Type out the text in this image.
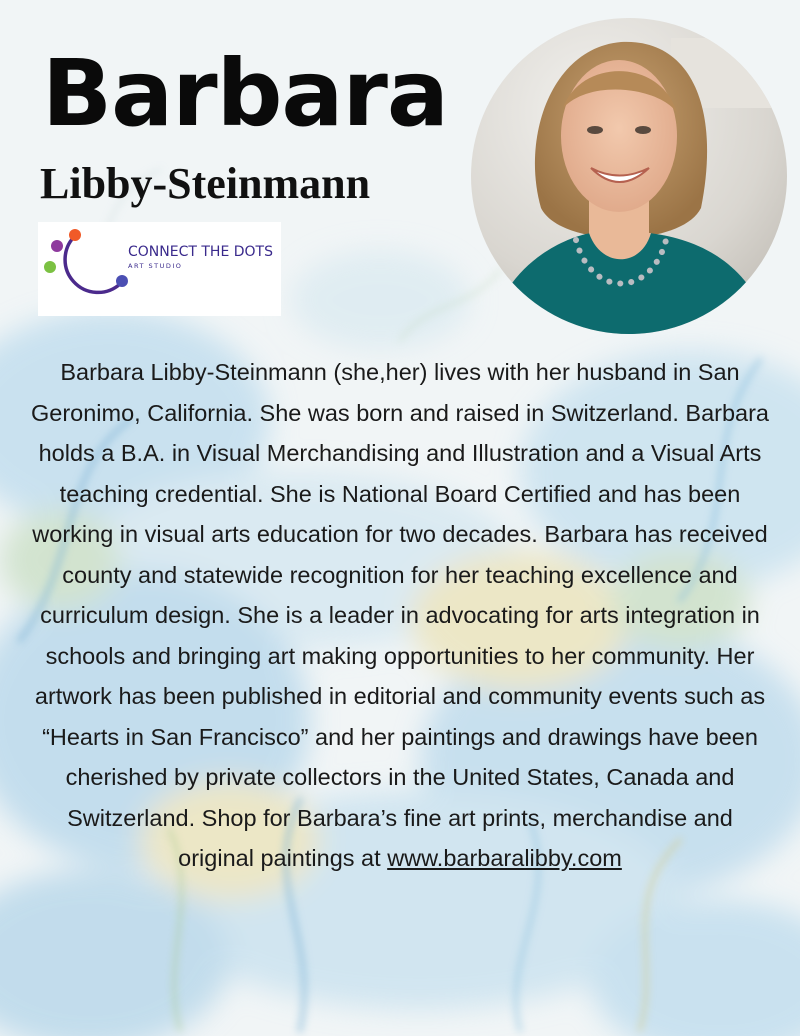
Barbara
Libby-Steinmann
CONNECT THE DOTS
ART STUDIO

Barbara Libby-Steinmann (she,her) lives with her husband in San Geronimo, California. She was born and raised in Switzerland. Barbara holds a B.A. in Visual Merchandising and Illustration and a Visual Arts teaching credential. She is National Board Certified and has been working in visual arts education for two decades. Barbara has received county and statewide recognition for her teaching excellence and curriculum design. She is a leader in advocating for arts integration in schools and bringing art making opportunities to her community. Her artwork has been published in editorial and community events such as “Hearts in San Francisco” and her paintings and drawings have been cherished by private collectors in the United States, Canada and Switzerland. Shop for Barbara’s fine art prints, merchandise and original paintings at www.barbaralibby.com
